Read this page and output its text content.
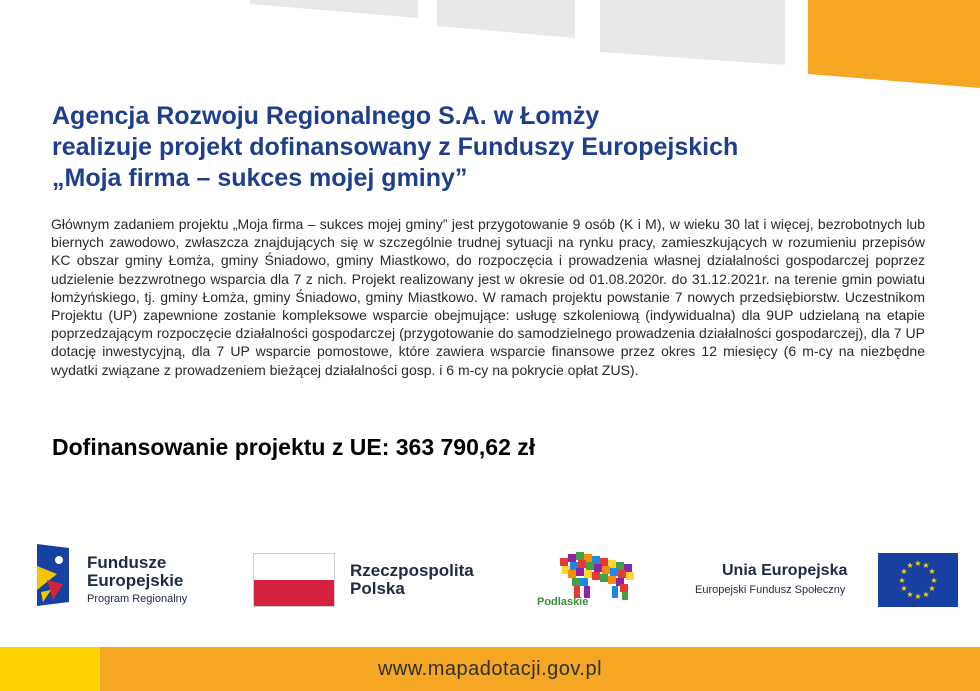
Agencja Rozwoju Regionalnego S.A. w Łomży
realizuje projekt dofinansowany z Funduszy Europejskich
„Moja firma – sukces mojej gminy”

Głównym zadaniem projektu „Moja firma – sukces mojej gminy” jest przygotowanie 9 osób (K i M), w wieku 30 lat i więcej, bezrobotnych lub biernych zawodowo, zwłaszcza znajdujących się w szczególnie trudnej sytuacji na rynku pracy, zamieszkujących w rozumieniu przepisów KC obszar gminy Łomża, gminy Śniadowo, gminy Miastkowo, do rozpoczęcia i prowadzenia własnej działalności gospodarczej poprzez udzielenie bezzwrotnego wsparcia dla 7 z nich. Projekt realizowany jest w okresie od 01.08.2020r. do 31.12.2021r. na terenie gmin powiatu łomżyńskiego, tj. gminy Łomża, gminy Śniadowo, gminy Miastkowo. W ramach projektu powstanie 7 nowych przedsiębiorstw. Uczestnikom Projektu (UP) zapewnione zostanie kompleksowe wsparcie obejmujące: usługę szkoleniową (indywidualna) dla 9UP udzielaną na etapie poprzedzającym rozpoczęcie działalności gospodarczej (przygotowanie do samodzielnego prowadzenia działalności gospodarczej), dla 7 UP dotację inwestycyjną, dla 7 UP wsparcie pomostowe, które zawiera wsparcie finansowe przez okres 12 miesięcy (6 m-cy na niezbędne wydatki związane z prowadzeniem bieżącej działalności gosp. i 6 m-cy na pokrycie opłat ZUS).

Dofinansowanie projektu z UE: 363 790,62 zł
Fundusze
Europejskie
Program Regionalny
Rzeczpospolita
Polska
Podlaskie
Unia Europejska
Europejski Fundusz Społeczny
★ ★
★
★
★
★
★
★
★
★
★
★
www.mapadotacji.gov.pl
